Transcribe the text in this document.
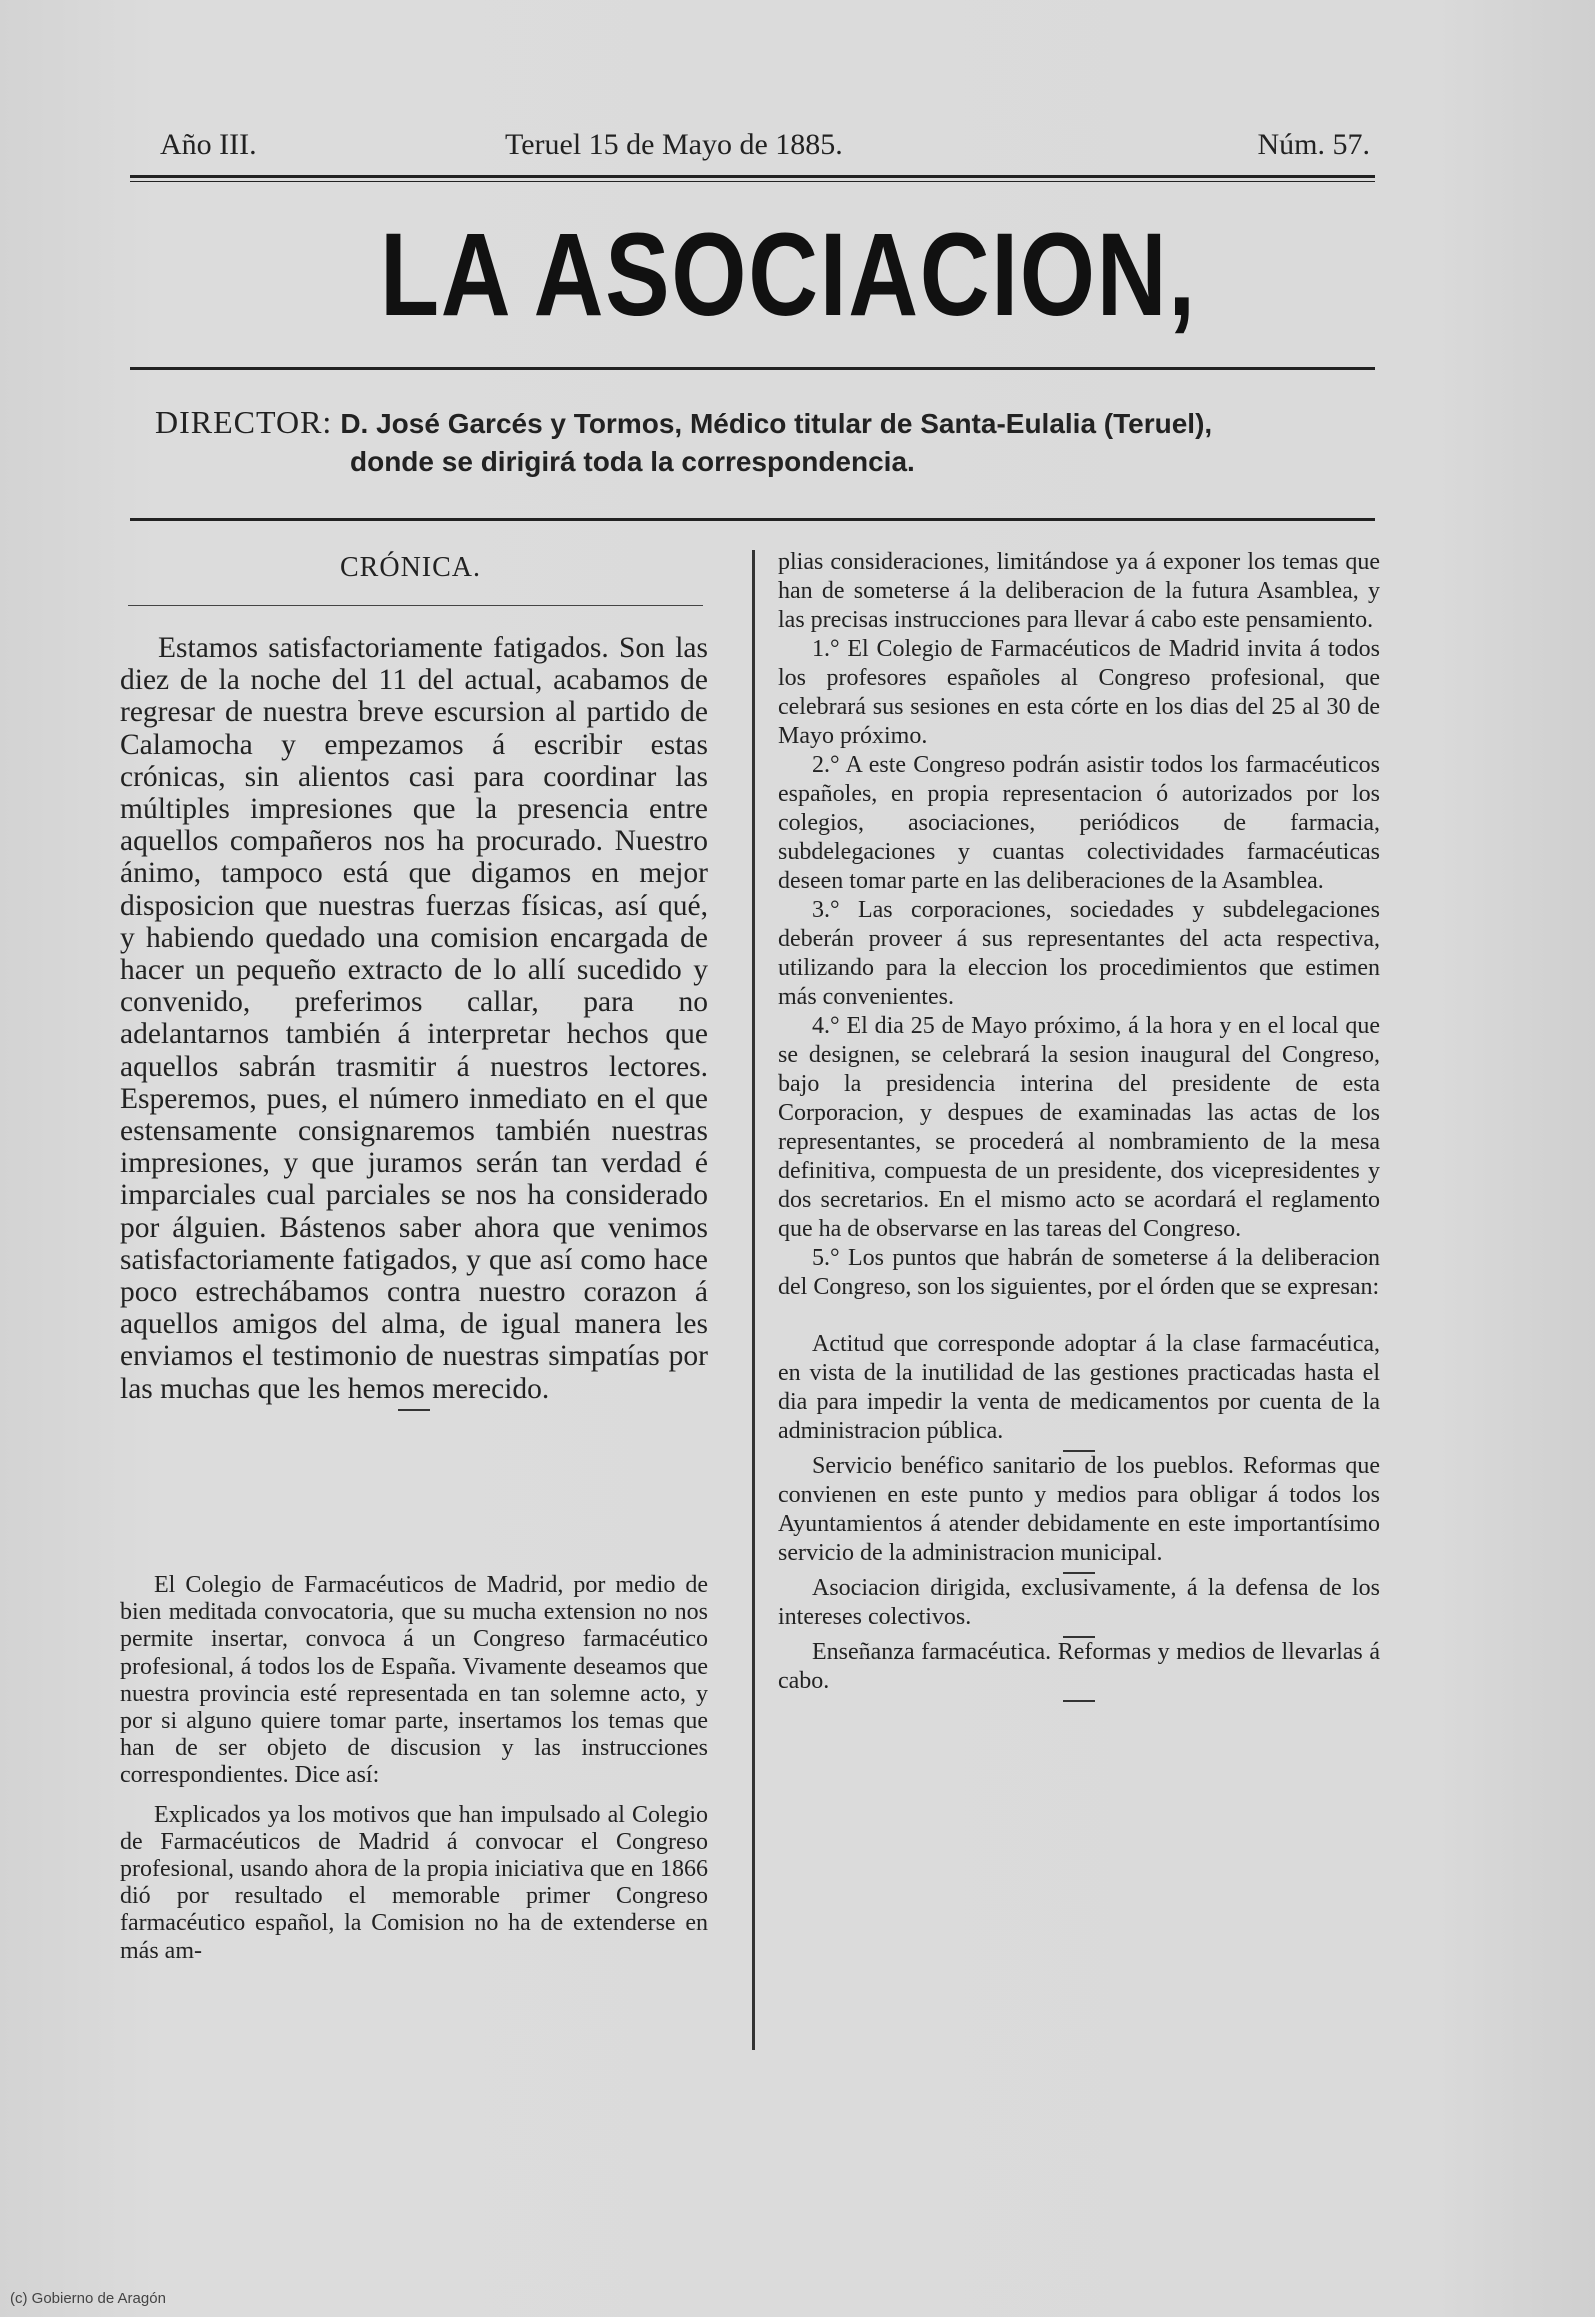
Año III.	Teruel 15 de Mayo de 1885.	Núm. 57.
LA ASOCIACION,
DIRECTOR: D. José Garcés y Tormos, Médico titular de Santa-Eulalia (Teruel),
donde se dirigirá toda la correspondencia.
CRÓNICA.

Estamos satisfactoriamente fatigados. Son las diez de la noche del 11 del actual, acabamos de regresar de nuestra breve escursion al partido de Calamocha y empezamos á escribir estas crónicas, sin alientos casi para coordinar las múltiples impresiones que la presencia entre aquellos compañeros nos ha procurado. Nuestro ánimo, tampoco está que digamos en mejor disposicion que nuestras fuerzas físicas, así qué, y habiendo quedado una comision encargada de hacer un pequeño extracto de lo allí sucedido y convenido, preferimos callar, para no adelantarnos también á interpretar hechos que aquellos sabrán trasmitir á nuestros lectores. Esperemos, pues, el número inmediato en el que estensamente consignaremos también nuestras impresiones, y que juramos serán tan verdad é imparciales cual parciales se nos ha considerado por álguien. Bástenos saber ahora que venimos satisfactoriamente fatigados, y que así como hace poco estrechábamos contra nuestro corazon á aquellos amigos del alma, de igual manera les enviamos el testimonio de nuestras simpatías por las muchas que les hemos merecido.

El Colegio de Farmacéuticos de Madrid, por medio de bien meditada convocatoria, que su mucha extension no nos permite insertar, convoca á un Congreso farmacéutico profesional, á todos los de España. Vivamente deseamos que nuestra provincia esté representada en tan solemne acto, y por si alguno quiere tomar parte, insertamos los temas que han de ser objeto de discusion y las instrucciones correspondientes. Dice así:

Explicados ya los motivos que han impulsado al Colegio de Farmacéuticos de Madrid á convocar el Congreso profesional, usando ahora de la propia iniciativa que en 1866 dió por resultado el memorable primer Congreso farmacéutico español, la Comision no ha de extenderse en más am-

plias consideraciones, limitándose ya á exponer los temas que han de someterse á la deliberacion de la futura Asamblea, y las precisas instrucciones para llevar á cabo este pensamiento.

1.° El Colegio de Farmacéuticos de Madrid invita á todos los profesores españoles al Congreso profesional, que celebrará sus sesiones en esta córte en los dias del 25 al 30 de Mayo próximo.

2.° A este Congreso podrán asistir todos los farmacéuticos españoles, en propia representacion ó autorizados por los colegios, asociaciones, periódicos de farmacia, subdelegaciones y cuantas colectividades farmacéuticas deseen tomar parte en las deliberaciones de la Asamblea.

3.° Las corporaciones, sociedades y subdelegaciones deberán proveer á sus representantes del acta respectiva, utilizando para la eleccion los procedimientos que estimen más convenientes.

4.° El dia 25 de Mayo próximo, á la hora y en el local que se designen, se celebrará la sesion inaugural del Congreso, bajo la presidencia interina del presidente de esta Corporacion, y despues de examinadas las actas de los representantes, se procederá al nombramiento de la mesa definitiva, compuesta de un presidente, dos vicepresidentes y dos secretarios. En el mismo acto se acordará el reglamento que ha de observarse en las tareas del Congreso.

5.° Los puntos que habrán de someterse á la deliberacion del Congreso, son los siguientes, por el órden que se expresan:

Actitud que corresponde adoptar á la clase farmacéutica, en vista de la inutilidad de las gestiones practicadas hasta el dia para impedir la venta de medicamentos por cuenta de la administracion pública.

Servicio benéfico sanitario de los pueblos. Reformas que convienen en este punto y medios para obligar á todos los Ayuntamientos á atender debidamente en este importantísimo servicio de la administracion municipal.

Asociacion dirigida, exclusivamente, á la defensa de los intereses colectivos.

Enseñanza farmacéutica. Reformas y medios de llevarlas á cabo.

(c) Gobierno de Aragón
